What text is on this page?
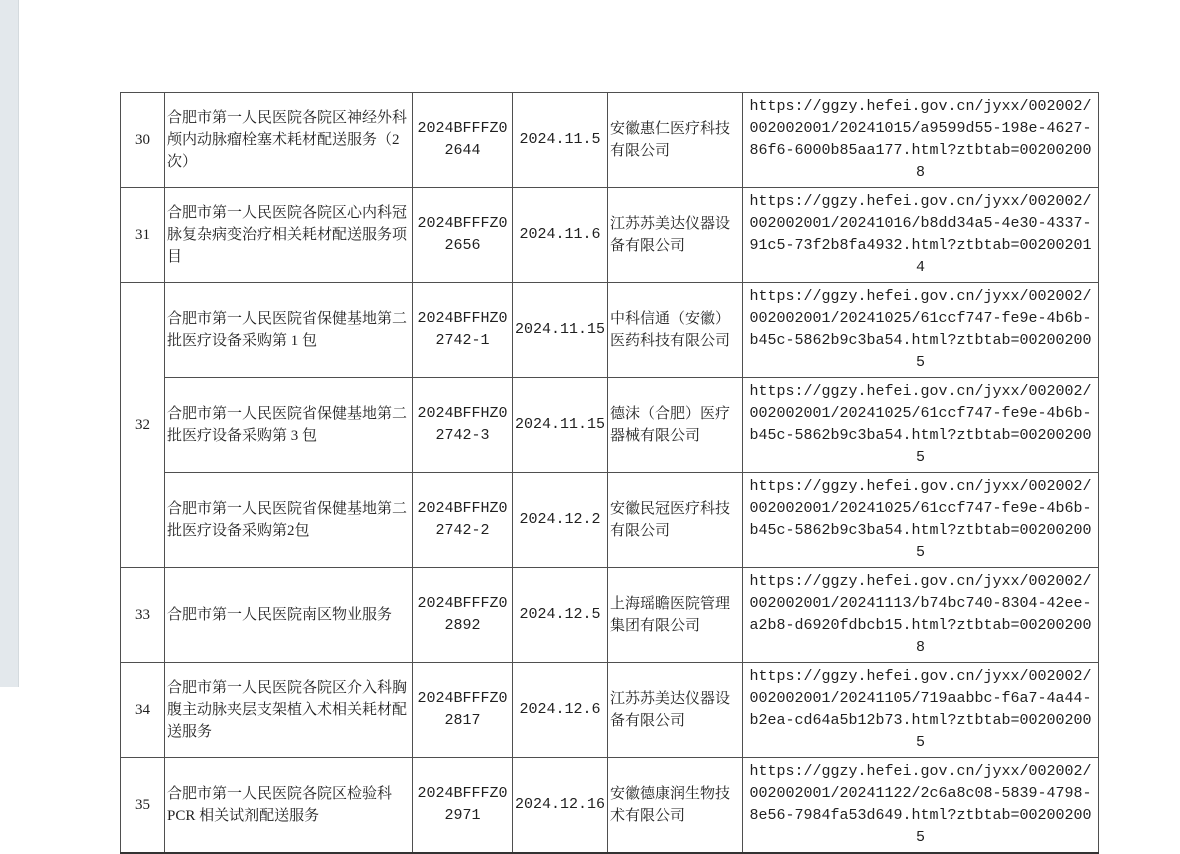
30	合肥市第一人民医院各院区神经外科颅内动脉瘤栓塞术耗材配送服务（2次）	2024BFFFZ02644	2024.11.5	安徽惠仁医疗科技有限公司	https://ggzy.hefei.gov.cn/jyxx/002002/002002001/20241015/a9599d55-198e-4627-86f6-6000b85aa177.html?ztbtab=002002008
31	合肥市第一人民医院各院区心内科冠脉复杂病变治疗相关耗材配送服务项目	2024BFFFZ02656	2024.11.6	江苏苏美达仪器设备有限公司	https://ggzy.hefei.gov.cn/jyxx/002002/002002001/20241016/b8dd34a5-4e30-4337-91c5-73f2b8fa4932.html?ztbtab=002002014
32	合肥市第一人民医院省保健基地第二批医疗设备采购第 1 包	2024BFFHZ02742-1	2024.11.15	中科信通（安徽）医药科技有限公司	https://ggzy.hefei.gov.cn/jyxx/002002/002002001/20241025/61ccf747-fe9e-4b6b-b45c-5862b9c3ba54.html?ztbtab=002002005
	合肥市第一人民医院省保健基地第二批医疗设备采购第 3 包	2024BFFHZ02742-3	2024.11.15	德沫（合肥）医疗器械有限公司	https://ggzy.hefei.gov.cn/jyxx/002002/002002001/20241025/61ccf747-fe9e-4b6b-b45c-5862b9c3ba54.html?ztbtab=002002005
	合肥市第一人民医院省保健基地第二批医疗设备采购第2包	2024BFFHZ02742-2	2024.12.2	安徽民冠医疗科技有限公司	https://ggzy.hefei.gov.cn/jyxx/002002/002002001/20241025/61ccf747-fe9e-4b6b-b45c-5862b9c3ba54.html?ztbtab=002002005
33	合肥市第一人民医院南区物业服务	2024BFFFZ02892	2024.12.5	上海瑶瞻医院管理集团有限公司	https://ggzy.hefei.gov.cn/jyxx/002002/002002001/20241113/b74bc740-8304-42ee-a2b8-d6920fdbcb15.html?ztbtab=002002008
34	合肥市第一人民医院各院区介入科胸腹主动脉夹层支架植入术相关耗材配送服务	2024BFFFZ02817	2024.12.6	江苏苏美达仪器设备有限公司	https://ggzy.hefei.gov.cn/jyxx/002002/002002001/20241105/719aabbc-f6a7-4a44-b2ea-cd64a5b12b73.html?ztbtab=002002005
35	合肥市第一人民医院各院区检验科PCR 相关试剂配送服务	2024BFFFZ02971	2024.12.16	安徽德康润生物技术有限公司	https://ggzy.hefei.gov.cn/jyxx/002002/002002001/20241122/2c6a8c08-5839-4798-8e56-7984fa53d649.html?ztbtab=002002005
